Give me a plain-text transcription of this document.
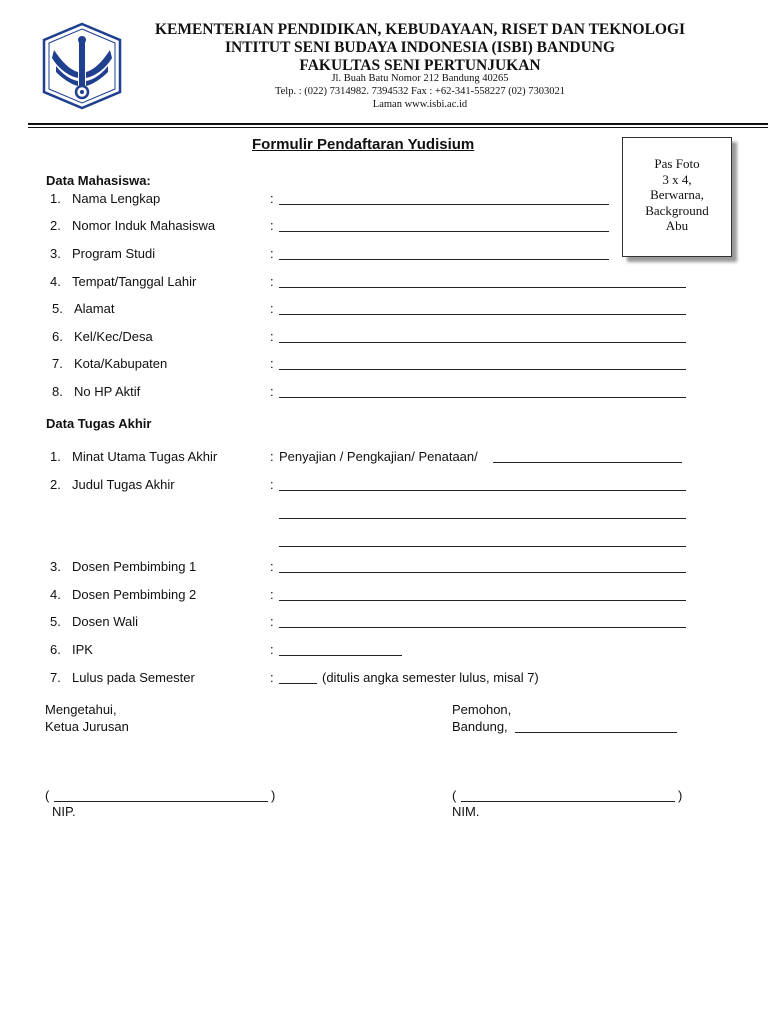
KEMENTERIAN PENDIDIKAN, KEBUDAYAAN, RISET DAN TEKNOLOGI
INTITUT SENI BUDAYA INDONESIA (ISBI) BANDUNG
FAKULTAS SENI PERTUNJUKAN
Jl. Buah Batu Nomor 212 Bandung 40265
Telp. : (022) 7314982. 7394532 Fax : +62-341-558227 (02) 7303021
Laman www.isbi.ac.id
Formulir Pendaftaran Yudisium
Pas Foto
3 x 4,
Berwarna,
Background
Abu
Data Mahasiswa:
1. Nama Lengkap	:
2. Nomor Induk Mahasiswa	:
3. Program Studi	:
4. Tempat/Tanggal Lahir	:
5. Alamat	:
6. Kel/Kec/Desa	:
7. Kota/Kabupaten	:
8. No HP Aktif	:
Data Tugas Akhir
1. Minat Utama Tugas Akhir	: Penyajian / Pengkajian/ Penataan/
2. Judul Tugas Akhir	:
3. Dosen Pembimbing 1	:
4. Dosen Pembimbing 2	:
5. Dosen Wali	:
6. IPK	:
7. Lulus pada Semester	:	(ditulis angka semester lulus, misal 7)
Mengetahui,
Ketua Jurusan
Pemohon,
Bandung,
(	)
NIP.
(	)
NIM.
